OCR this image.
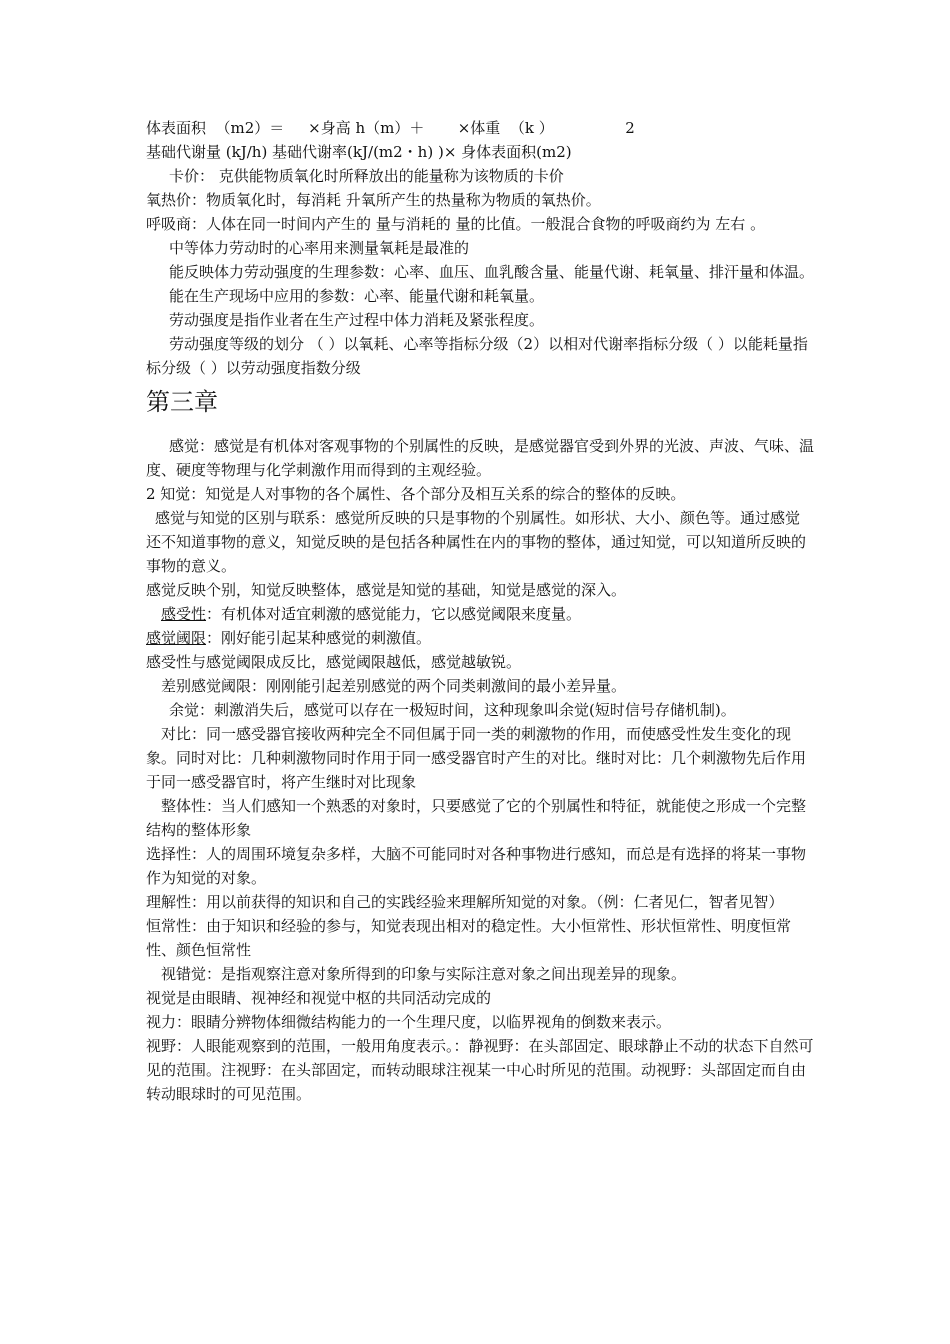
体表面积  （m2）＝     ×身高 h（m）＋       ×体重  （k ）               2

基础代谢量 (kJ/h) 基础代谢率(kJ/(m2・h) )× 身体表面积(m2)

卡价： 克供能物质氧化时所释放出的能量称为该物质的卡价

氧热价：物质氧化时，每消耗 升氧所产生的热量称为物质的氧热价。

呼吸商：人体在同一时间内产生的 量与消耗的 量的比值。一般混合食物的呼吸商约为 左右 。

中等体力劳动时的心率用来测量氧耗是最准的

能反映体力劳动强度的生理参数：心率、血压、血乳酸含量、能量代谢、耗氧量、排汗量和体温。

能在生产现场中应用的参数：心率、能量代谢和耗氧量。

劳动强度是指作业者在生产过程中体力消耗及紧张程度。

劳动强度等级的划分 （ ）以氧耗、心率等指标分级（2）以相对代谢率指标分级（ ）以能耗量指标分级（ ）以劳动强度指数分级

第三章

感觉：感觉是有机体对客观事物的个别属性的反映，是感觉器官受到外界的光波、声波、气味、温度、硬度等物理与化学刺激作用而得到的主观经验。

2 知觉：知觉是人对事物的各个属性、各个部分及相互关系的综合的整体的反映。

感觉与知觉的区别与联系：感觉所反映的只是事物的个别属性。如形状、大小、颜色等。通过感觉还不知道事物的意义，知觉反映的是包括各种属性在内的事物的整体，通过知觉，可以知道所反映的事物的意义。

感觉反映个别，知觉反映整体，感觉是知觉的基础，知觉是感觉的深入。

感受性：有机体对适宜刺激的感觉能力，它以感觉阈限来度量。

感觉阈限：刚好能引起某种感觉的刺激值。

感受性与感觉阈限成反比，感觉阈限越低，感觉越敏锐。

差别感觉阈限：刚刚能引起差别感觉的两个同类刺激间的最小差异量。

余觉：刺激消失后，感觉可以存在一极短时间，这种现象叫余觉(短时信号存储机制)。

对比：同一感受器官接收两种完全不同但属于同一类的刺激物的作用，而使感受性发生变化的现象。同时对比：几种刺激物同时作用于同一感受器官时产生的对比。继时对比：几个刺激物先后作用于同一感受器官时，将产生继时对比现象

整体性：当人们感知一个熟悉的对象时，只要感觉了它的个别属性和特征，就能使之形成一个完整结构的整体形象

选择性：人的周围环境复杂多样，大脑不可能同时对各种事物进行感知，而总是有选择的将某一事物作为知觉的对象。

理解性：用以前获得的知识和自己的实践经验来理解所知觉的对象。（例：仁者见仁，智者见智）

恒常性：由于知识和经验的参与，知觉表现出相对的稳定性。大小恒常性、形状恒常性、明度恒常性、颜色恒常性

视错觉：是指观察注意对象所得到的印象与实际注意对象之间出现差异的现象。

视觉是由眼睛、视神经和视觉中枢的共同活动完成的

视力：眼睛分辨物体细微结构能力的一个生理尺度，以临界视角的倒数来表示。

视野：人眼能观察到的范围，一般用角度表示。：静视野：在头部固定、眼球静止不动的状态下自然可见的范围。注视野：在头部固定，而转动眼球注视某一中心时所见的范围。动视野：头部固定而自由转动眼球时的可见范围。
